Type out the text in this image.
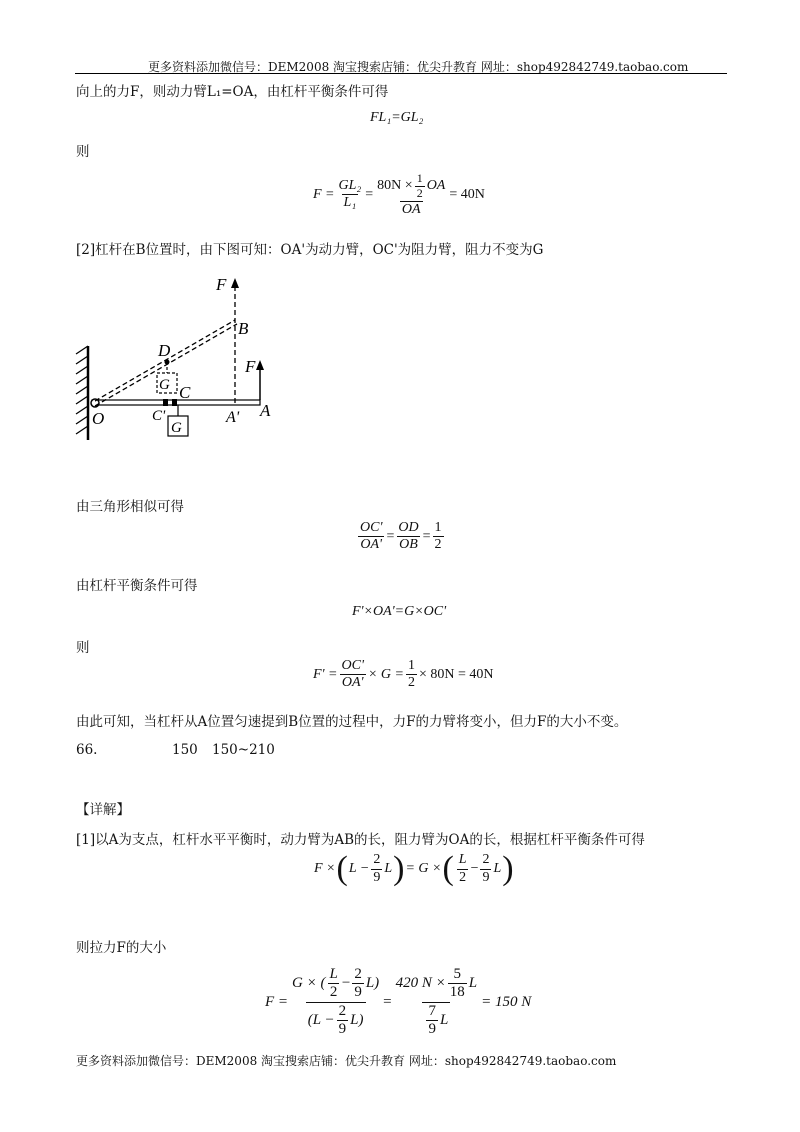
更多资料添加微信号：DEM2008 淘宝搜索店铺：优尖升教育 网址：shop492842749.taobao.com
向上的力F，则动力臂L₁=OA，由杠杆平衡条件可得
FL₁=GL₂
则
$F = \frac{\text{GL₂}}{\text{L₁}} = \frac{80N \times \frac{1}{2} OA}{OA} = 40N$
[2]杠杆在B位置时，由下图可知：OA'为动力臂，OC'为阻力臂，阻力不变为G
F
B
D
F
G C
O	C'	A' A
G
由三角形相似可得
$\frac{OC'}{OA'} = \frac{OD}{OB} = \frac{1}{2}$
由杠杆平衡条件可得
F'×OA'=G×OC'
则
$F' = \frac{OC'}{OA'} \times G = \frac{1}{2} \times 80N = 40N$
由此可知，当杠杆从A位置匀速提到B位置的过程中，力F的力臂将变小，但力F的大小不变。
66.	150 150~210
【详解】
[1]以A为支点，杠杆水平平衡时，动力臂为AB的长，阻力臂为OA的长，根据杠杆平衡条件可得
F × ( $L - \frac{2}{9}$ L ) = G × ( $\frac{L}{2} - \frac{2}{9}$ L )
则拉力F的大小
F =
G × ( $\frac{L}{2} - \frac{2}{9} L$)
$(L - \frac{2}{9} L)$
= $\frac{420 N \times \frac{5}{18} L}{\frac{7}{9} L} = 150$ N
更多资料添加微信号：DEM2008 淘宝搜索店铺：优尖升教育 网址：shop492842749.taobao.com
